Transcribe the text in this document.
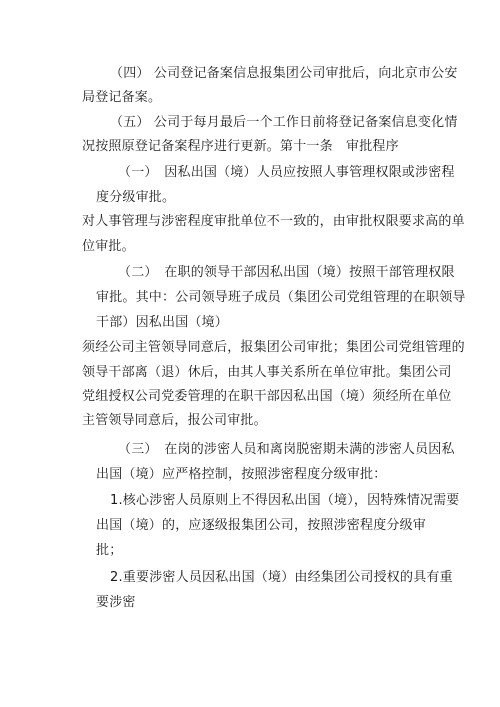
（四） 公司登记备案信息报集团公司审批后，向北京市公安
局登记备案。
（五） 公司于每月最后一个工作日前将登记备案信息变化情
况按照原登记备案程序进行更新。第十一条　审批程序
（一）　因私出国（境）人员应按照人事管理权限或涉密程
度分级审批。
对人事管理与涉密程度审批单位不一致的，由审批权限要求高的单
位审批。
（二）　在职的领导干部因私出国（境）按照干部管理权限
审批。其中：公司领导班子成员（集团公司党组管理的在职领导
干部）因私出国（境）
须经公司主管领导同意后，报集团公司审批；集团公司党组管理的
领导干部离（退）休后，由其人事关系所在单位审批。集团公司
党组授权公司党委管理的在职干部因私出国（境）须经所在单位
主管领导同意后，报公司审批。
（三）　在岗的涉密人员和离岗脱密期未满的涉密人员因私
出国（境）应严格控制，按照涉密程度分级审批：
1.核心涉密人员原则上不得因私出国（境），因特殊情况需要
出国（境）的，应逐级报集团公司，按照涉密程度分级审
批；
2.重要涉密人员因私出国（境）由经集团公司授权的具有重
要涉密
